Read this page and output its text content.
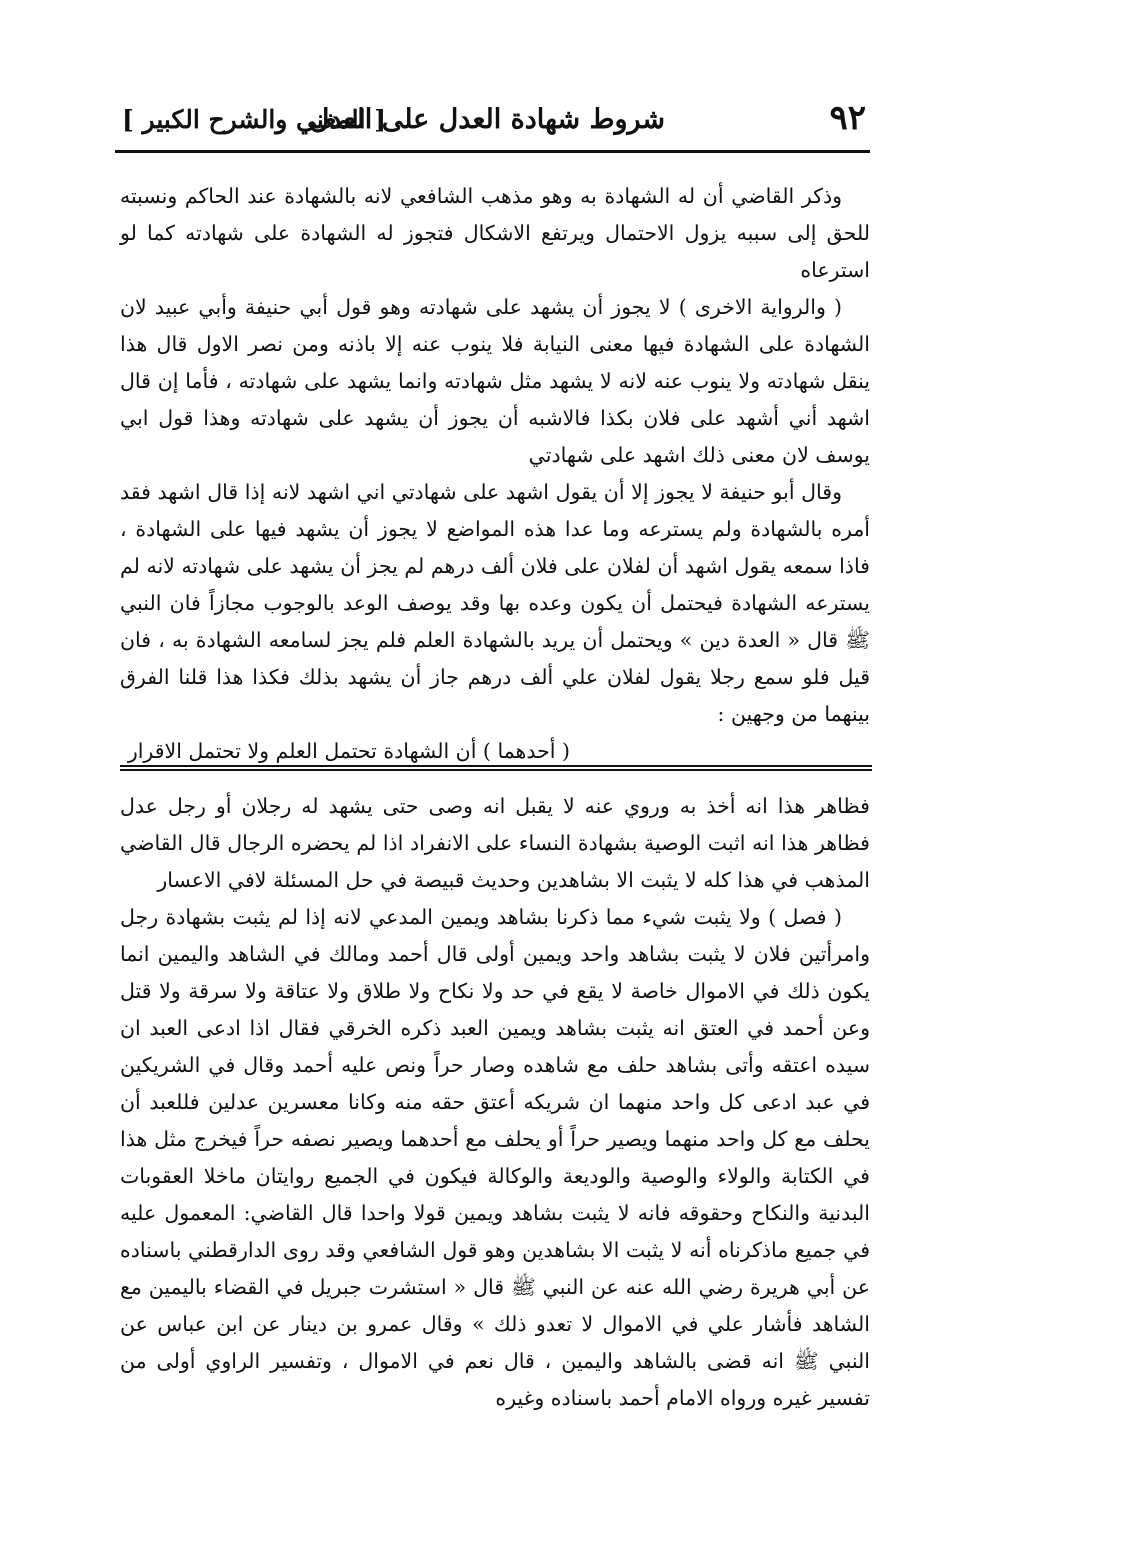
٩٢
شروط شهادة العدل على العدل
[ المغني والشرح الكبير ]

وذكر القاضي أن له الشهادة به وهو مذهب الشافعي لانه بالشهادة عند الحاكم ونسبته للحق إلى سببه يزول الاحتمال ويرتفع الاشكال فتجوز له الشهادة على شهادته كما لو استرعاه

( والرواية الاخرى ) لا يجوز أن يشهد على شهادته وهو قول أبي حنيفة وأبي عبيد لان الشهادة على الشهادة فيها معنى النيابة فلا ينوب عنه إلا باذنه ومن نصر الاول قال هذا ينقل شهادته ولا ينوب عنه لانه لا يشهد مثل شهادته وانما يشهد على شهادته ، فأما إن قال اشهد أني أشهد على فلان بكذا فالاشبه أن يجوز أن يشهد على شهادته وهذا قول ابي يوسف لان معنى ذلك اشهد على شهادتي

وقال أبو حنيفة لا يجوز إلا أن يقول اشهد على شهادتي اني اشهد لانه إذا قال اشهد فقد أمره بالشهادة ولم يسترعه وما عدا هذه المواضع لا يجوز أن يشهد فيها على الشهادة ، فاذا سمعه يقول اشهد أن لفلان على فلان ألف درهم لم يجز أن يشهد على شهادته لانه لم يسترعه الشهادة فيحتمل أن يكون وعده بها وقد يوصف الوعد بالوجوب مجازاً فان النبي ﷺ قال « العدة دين » ويحتمل أن يريد بالشهادة العلم فلم يجز لسامعه الشهادة به ، فان قيل فلو سمع رجلا يقول لفلان علي ألف درهم جاز أن يشهد بذلك فكذا هذا قلنا الفرق بينهما من وجهين :

( أحدهما ) أن الشهادة تحتمل العلم ولا تحتمل الاقرار

فظاهر هذا انه أخذ به وروي عنه لا يقبل انه وصى حتى يشهد له رجلان أو رجل عدل فظاهر هذا انه اثبت الوصية بشهادة النساء على الانفراد اذا لم يحضره الرجال قال القاضي المذهب في هذا كله لا يثبت الا بشاهدين وحديث قبيصة في حل المسئلة لافي الاعسار

( فصل ) ولا يثبت شيء مما ذكرنا بشاهد ويمين المدعي لانه إذا لم يثبت بشهادة رجل وامرأتين فلان لا يثبت بشاهد واحد ويمين أولى قال أحمد ومالك في الشاهد واليمين انما يكون ذلك في الاموال خاصة لا يقع في حد ولا نكاح ولا طلاق ولا عتاقة ولا سرقة ولا قتل وعن أحمد في العتق انه يثبت بشاهد ويمين العبد ذكره الخرقي فقال اذا ادعى العبد ان سيده اعتقه وأتى بشاهد حلف مع شاهده وصار حراً ونص عليه أحمد وقال في الشريكين في عبد ادعى كل واحد منهما ان شريكه أعتق حقه منه وكانا معسرين عدلين فللعبد أن يحلف مع كل واحد منهما ويصير حراً أو يحلف مع أحدهما ويصير نصفه حراً فيخرج مثل هذا في الكتابة والولاء والوصية والوديعة والوكالة فيكون في الجميع روايتان ماخلا العقوبات البدنية والنكاح وحقوقه فانه لا يثبت بشاهد ويمين قولا واحدا قال القاضي: المعمول عليه في جميع ماذكرناه أنه لا يثبت الا بشاهدين وهو قول الشافعي وقد روى الدارقطني باسناده عن أبي هريرة رضي الله عنه عن النبي ﷺ قال « استشرت جبريل في القضاء باليمين مع الشاهد فأشار علي في الاموال لا تعدو ذلك » وقال عمرو بن دينار عن ابن عباس عن النبي ﷺ انه قضى بالشاهد واليمين ، قال نعم في الاموال ، وتفسير الراوي أولى من تفسير غيره ورواه الامام أحمد باسناده وغيره
